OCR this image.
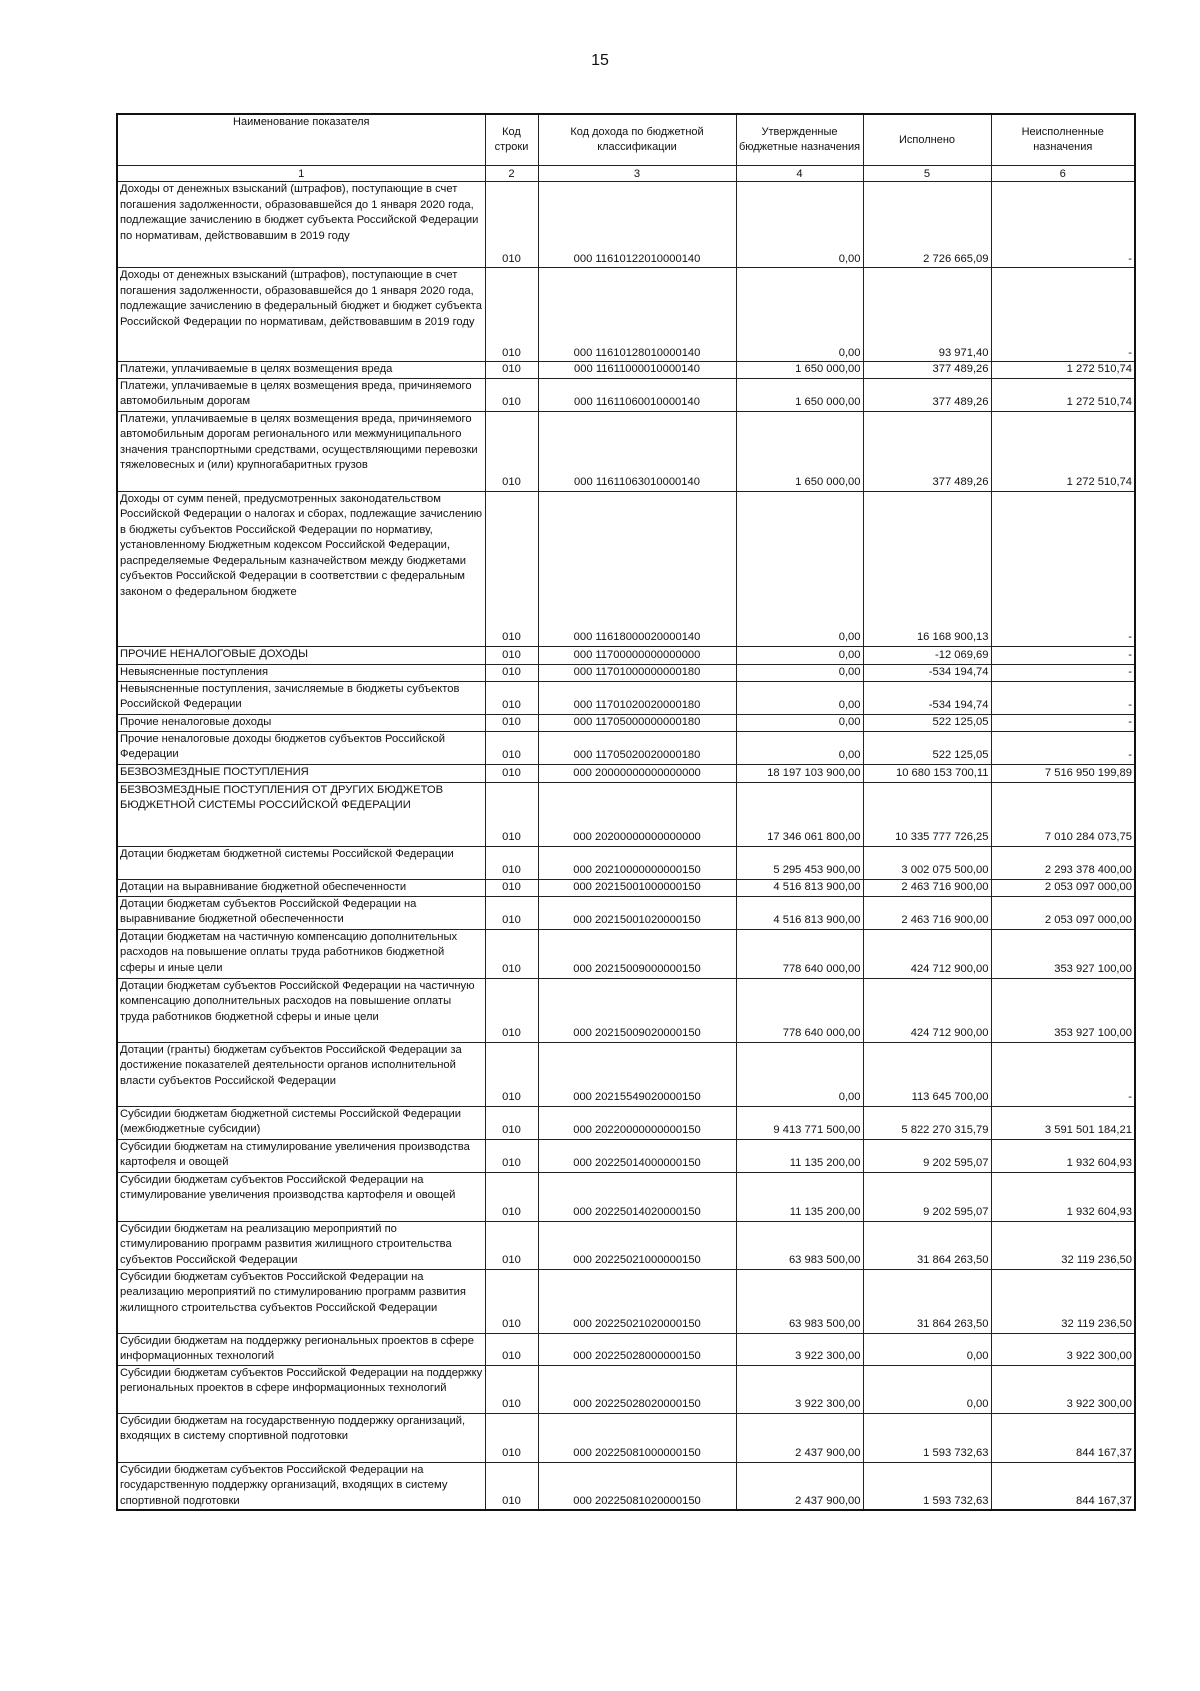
15
Наименование показателя	Код строки	Код дохода по бюджетной классификации	Утвержденные бюджетные назначения	Исполнено	Неисполненные назначения
1	2	3	4	5	6
Доходы от денежных взысканий (штрафов), поступающие в счет погашения задолженности, образовавшейся до 1 января 2020 года, подлежащие зачислению в бюджет субъекта Российской Федерации по нормативам, действовавшим в 2019 году	010	000 11610122010000140	0,00	2 726 665,09	-
Доходы от денежных взысканий (штрафов), поступающие в счет погашения задолженности, образовавшейся до 1 января 2020 года, подлежащие зачислению в федеральный бюджет и бюджет субъекта Российской Федерации по нормативам, действовавшим в 2019 году	010	000 11610128010000140	0,00	93 971,40	-
Платежи, уплачиваемые в целях возмещения вреда	010	000 11611000010000140	1 650 000,00	377 489,26	1 272 510,74
Платежи, уплачиваемые в целях возмещения вреда, причиняемого автомобильным дорогам	010	000 11611060010000140	1 650 000,00	377 489,26	1 272 510,74
Платежи, уплачиваемые в целях возмещения вреда, причиняемого автомобильным дорогам регионального или межмуниципального значения транспортными средствами, осуществляющими перевозки тяжеловесных и (или) крупногабаритных грузов	010	000 11611063010000140	1 650 000,00	377 489,26	1 272 510,74
Доходы от сумм пеней, предусмотренных законодательством Российской Федерации о налогах и сборах, подлежащие зачислению в бюджеты субъектов Российской Федерации по нормативу, установленному Бюджетным кодексом Российской Федерации, распределяемые Федеральным казначейством между бюджетами субъектов Российской Федерации в соответствии с федеральным законом о федеральном бюджете	010	000 11618000020000140	0,00	16 168 900,13	-
ПРОЧИЕ НЕНАЛОГОВЫЕ ДОХОДЫ	010	000 11700000000000000	0,00	-12 069,69	-
Невыясненные поступления	010	000 11701000000000180	0,00	-534 194,74	-
Невыясненные поступления, зачисляемые в бюджеты субъектов Российской Федерации	010	000 11701020020000180	0,00	-534 194,74	-
Прочие неналоговые доходы	010	000 11705000000000180	0,00	522 125,05	-
Прочие неналоговые доходы бюджетов субъектов Российской Федерации	010	000 11705020020000180	0,00	522 125,05	-
БЕЗВОЗМЕЗДНЫЕ ПОСТУПЛЕНИЯ	010	000 20000000000000000	18 197 103 900,00	10 680 153 700,11	7 516 950 199,89
БЕЗВОЗМЕЗДНЫЕ ПОСТУПЛЕНИЯ ОТ ДРУГИХ БЮДЖЕТОВ БЮДЖЕТНОЙ СИСТЕМЫ РОССИЙСКОЙ ФЕДЕРАЦИИ	010	000 20200000000000000	17 346 061 800,00	10 335 777 726,25	7 010 284 073,75
Дотации бюджетам бюджетной системы Российской Федерации	010	000 20210000000000150	5 295 453 900,00	3 002 075 500,00	2 293 378 400,00
Дотации на выравнивание бюджетной обеспеченности	010	000 20215001000000150	4 516 813 900,00	2 463 716 900,00	2 053 097 000,00
Дотации бюджетам субъектов Российской Федерации на выравнивание бюджетной обеспеченности	010	000 20215001020000150	4 516 813 900,00	2 463 716 900,00	2 053 097 000,00
Дотации бюджетам на частичную компенсацию дополнительных расходов на повышение оплаты труда работников бюджетной сферы и иные цели	010	000 20215009000000150	778 640 000,00	424 712 900,00	353 927 100,00
Дотации бюджетам субъектов Российской Федерации на частичную компенсацию дополнительных расходов на повышение оплаты труда работников бюджетной сферы и иные цели	010	000 20215009020000150	778 640 000,00	424 712 900,00	353 927 100,00
Дотации (гранты) бюджетам субъектов Российской Федерации за достижение показателей деятельности органов исполнительной власти субъектов Российской Федерации	010	000 20215549020000150	0,00	113 645 700,00	-
Субсидии бюджетам бюджетной системы Российской Федерации (межбюджетные субсидии)	010	000 20220000000000150	9 413 771 500,00	5 822 270 315,79	3 591 501 184,21
Субсидии бюджетам на стимулирование увеличения производства картофеля и овощей	010	000 20225014000000150	11 135 200,00	9 202 595,07	1 932 604,93
Субсидии бюджетам субъектов Российской Федерации на стимулирование увеличения производства картофеля и овощей	010	000 20225014020000150	11 135 200,00	9 202 595,07	1 932 604,93
Субсидии бюджетам на реализацию мероприятий по стимулированию программ развития жилищного строительства субъектов Российской Федерации	010	000 20225021000000150	63 983 500,00	31 864 263,50	32 119 236,50
Субсидии бюджетам субъектов Российской Федерации на реализацию мероприятий по стимулированию программ развития жилищного строительства субъектов Российской Федерации	010	000 20225021020000150	63 983 500,00	31 864 263,50	32 119 236,50
Субсидии бюджетам на поддержку региональных проектов в сфере информационных технологий	010	000 20225028000000150	3 922 300,00	0,00	3 922 300,00
Субсидии бюджетам субъектов Российской Федерации на поддержку региональных проектов в сфере информационных технологий	010	000 20225028020000150	3 922 300,00	0,00	3 922 300,00
Субсидии бюджетам на государственную поддержку организаций, входящих в систему спортивной подготовки	010	000 20225081000000150	2 437 900,00	1 593 732,63	844 167,37
Субсидии бюджетам субъектов Российской Федерации на государственную поддержку организаций, входящих в систему спортивной подготовки	010	000 20225081020000150	2 437 900,00	1 593 732,63	844 167,37
